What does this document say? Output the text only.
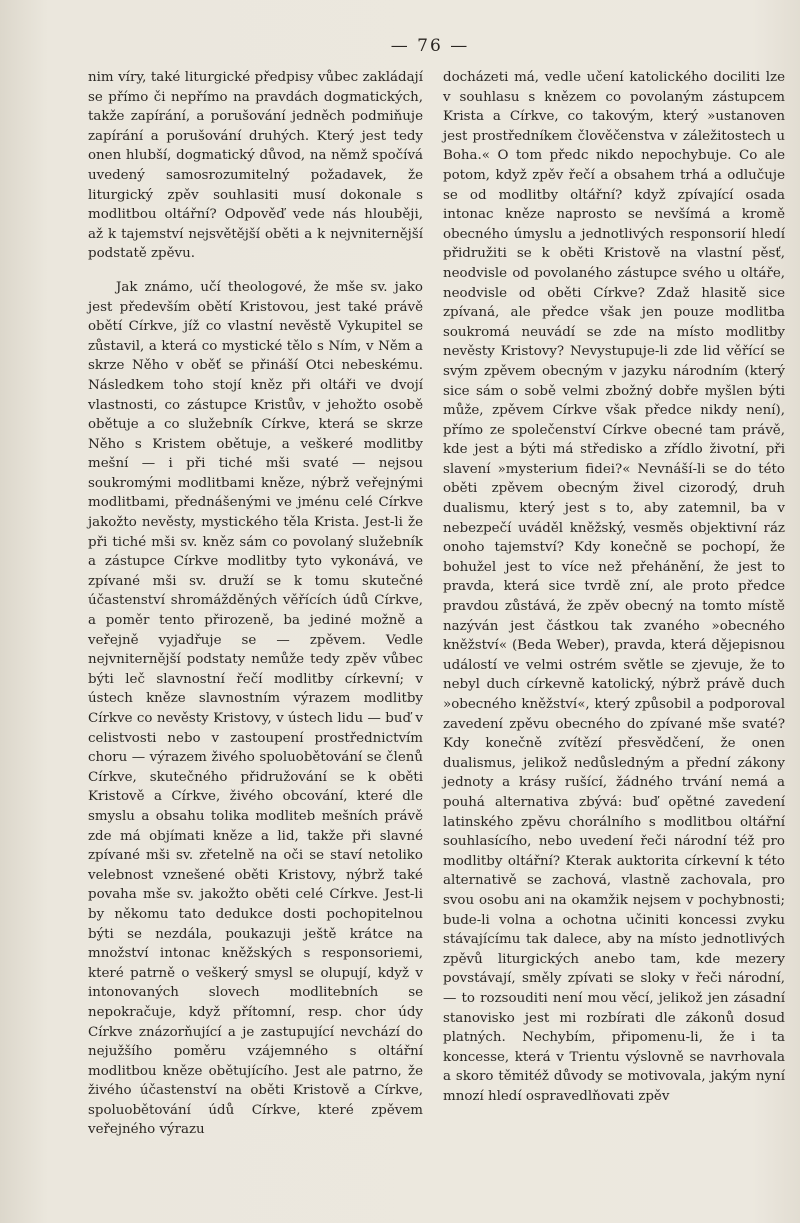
— 76 —

nim víry, také liturgické předpisy vůbec zakládají se přímo či nepřímo na pravdách dogmatických, takže zapírání, a porušování jedněch podmiňuje zapírání a porušování druhých. Který jest tedy onen hlubší, dogmatický důvod, na němž spočívá uvedený samosrozumitelný požadavek, že liturgický zpěv souhlasiti musí dokonale s modlitbou oltářní? Odpověď vede nás hlouběji, až k tajemství nejsvětější oběti a k nejvniternější podstatě zpěvu.

Jak známo, učí theologové, že mše sv. jako jest především obětí Kristovou, jest také právě obětí Církve, jíž co vlastní nevěstě Vykupitel se zůstavil, a která co mystické tělo s Ním, v Něm a skrze Něho v oběť se přináší Otci nebeskému. Následkem toho stojí kněz při oltáři ve dvojí vlastnosti, co zástupce Kristův, v jehožto osobě obětuje a co služebník Církve, která se skrze Něho s Kristem obětuje, a veškeré modlitby mešní — i při tiché mši svaté — nejsou soukromými modlitbami kněze, nýbrž veřejnými modlitbami, přednášenými ve jménu celé Církve jakožto nevěsty, mystického těla Krista. Jest-li že při tiché mši sv. kněz sám co povolaný služebník a zástupce Církve modlitby tyto vykonává, ve zpívané mši sv. druží se k tomu skutečné účastenství shromážděných věřících údů Církve, a poměr tento přirozeně, ba jediné možně a veřejně vyjadřuje se — zpěvem. Vedle nejvniternější podstaty nemůže tedy zpěv vůbec býti leč slavnostní řečí modlitby církevní; v ústech kněze slavnostním výrazem modlitby Církve co nevěsty Kristovy, v ústech lidu — buď v celistvosti nebo v zastoupení prostřednictvím choru — výrazem živého spoluobětování se členů Církve, skutečného přidružování se k oběti Kristově a Církve, živého obcování, které dle smyslu a obsahu tolika modliteb mešních právě zde má objímati kněze a lid, takže při slavné zpívané mši sv. zřetelně na oči se staví netoliko velebnost vznešené oběti Kristovy, nýbrž také povaha mše sv. jakožto oběti celé Církve. Jest-li by někomu tato dedukce dosti pochopitelnou býti se nezdála, poukazuji ještě krátce na množství intonac kněžských s responsoriemi, které patrně o veškerý smysl se olupují, když v intonovaných slovech modlitebních se nepokračuje, když přítomní, resp. chor údy Církve znázorňující a je zastupující nevchází do nejužšího poměru vzájemného s oltářní modlitbou kněze obětujícího. Jest ale patrno, že živého účastenství na oběti Kristově a Církve, spoluobětování údů Církve, které zpěvem veřejného výrazu

docházeti má, vedle učení katolického dociliti lze v souhlasu s knězem co povolaným zástupcem Krista a Církve, co takovým, který »ustanoven jest prostředníkem člověčenstva v záležitostech u Boha.« O tom předc nikdo nepochybuje. Co ale potom, když zpěv řečí a obsahem trhá a odlučuje se od modlitby oltářní? když zpívající osada intonac kněze naprosto se nevšímá a kromě obecného úmyslu a jednotlivých responsorií hledí přidružiti se k oběti Kristově na vlastní pěsť, neodvisle od povolaného zástupce svého u oltáře, neodvisle od oběti Církve? Zdaž hlasitě sice zpívaná, ale předce však jen pouze modlitba soukromá neuvádí se zde na místo modlitby nevěsty Kristovy? Nevystupuje-li zde lid věřící se svým zpěvem obecným v jazyku národním (který sice sám o sobě velmi zbožný dobře myšlen býti může, zpěvem Církve však předce nikdy není), přímo ze společenství Církve obecné tam právě, kde jest a býti má středisko a zřídlo životní, při slavení »mysterium fidei?« Nevnáší-li se do této oběti zpěvem obecným živel cizorodý, druh dualismu, který jest s to, aby zatemnil, ba v nebezpečí uváděl kněžský, vesměs objektivní ráz onoho tajemství? Kdy konečně se pochopí, že bohužel jest to více než přehánění, že jest to pravda, která sice tvrdě zní, ale proto předce pravdou zůstává, že zpěv obecný na tomto místě nazýván jest částkou tak zvaného »obecného kněžství« (Beda Weber), pravda, která dějepisnou událostí ve velmi ostrém světle se zjevuje, že to nebyl duch církevně katolický, nýbrž právě duch »obecného kněžství«, který způsobil a podporoval zavedení zpěvu obecného do zpívané mše svaté? Kdy konečně zvítězí přesvědčení, že onen dualismus, jelikož nedůsledným a přední zákony jednoty a krásy rušící, žádného trvání nemá a pouhá alternativa zbývá: buď opětné zavedení latinského zpěvu chorálního s modlitbou oltářní souhlasícího, nebo uvedení řeči národní též pro modlitby oltářní? Kterak auktorita církevní k této alternativě se zachová, vlastně zachovala, pro svou osobu ani na okamžik nejsem v pochybnosti; bude-li volna a ochotna učiniti koncessi zvyku stávajícímu tak dalece, aby na místo jednotlivých zpěvů liturgických anebo tam, kde mezery povstávají, směly zpívati se sloky v řeči národní, — to rozsouditi není mou věcí, jelikož jen zásadní stanovisko jest mi rozbírati dle zákonů dosud platných. Nechybím, připomenu-li, že i ta koncesse, která v Trientu výslovně se navrhovala a skoro těmitéž důvody se motivovala, jakým nyní mnozí hledí ospravedlňovati zpěv
